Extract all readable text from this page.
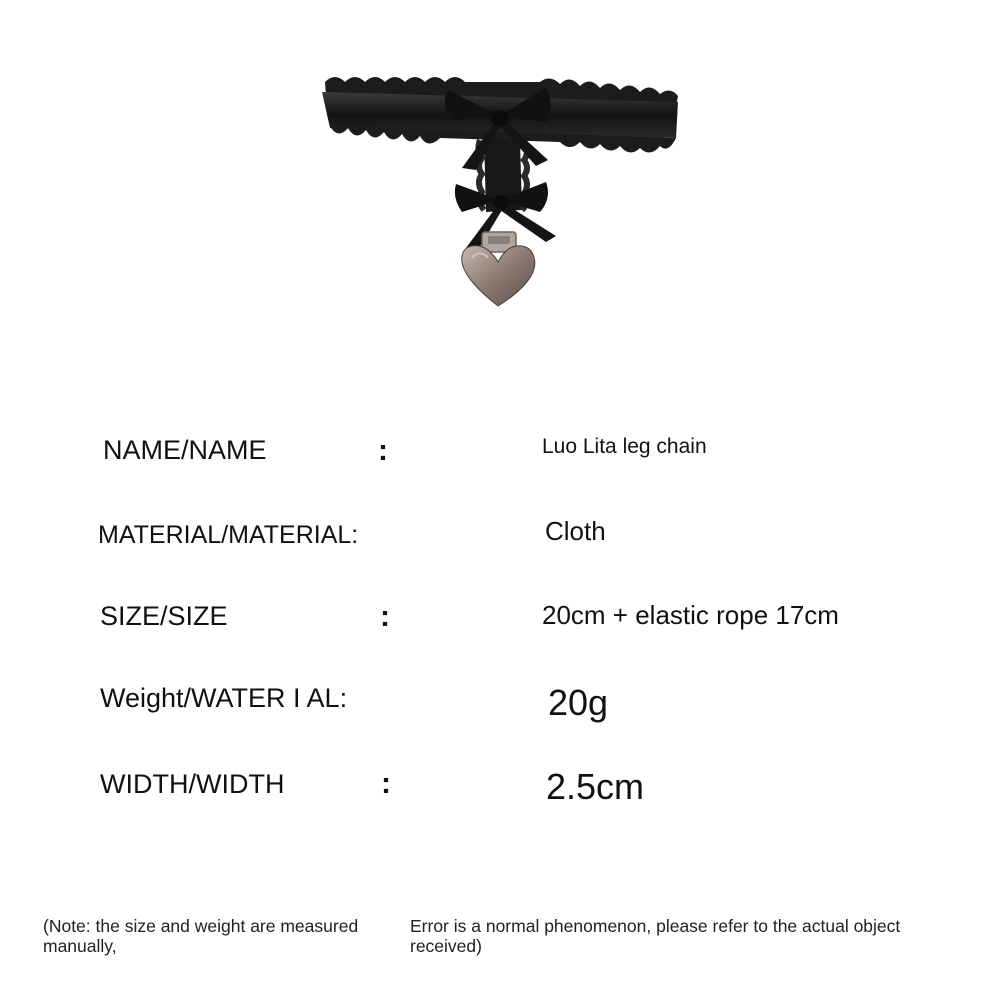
NAME/NAME	:	Luo Lita leg chain
MATERIAL/MATERIAL:	Cloth
SIZE/SIZE	:	20cm + elastic rope 17cm
Weight/WATER I AL:	20g
WIDTH/WIDTH	:	2.5cm
(Note: the size and weight are measured manually,
Error is a normal phenomenon, please refer to the actual object received)
